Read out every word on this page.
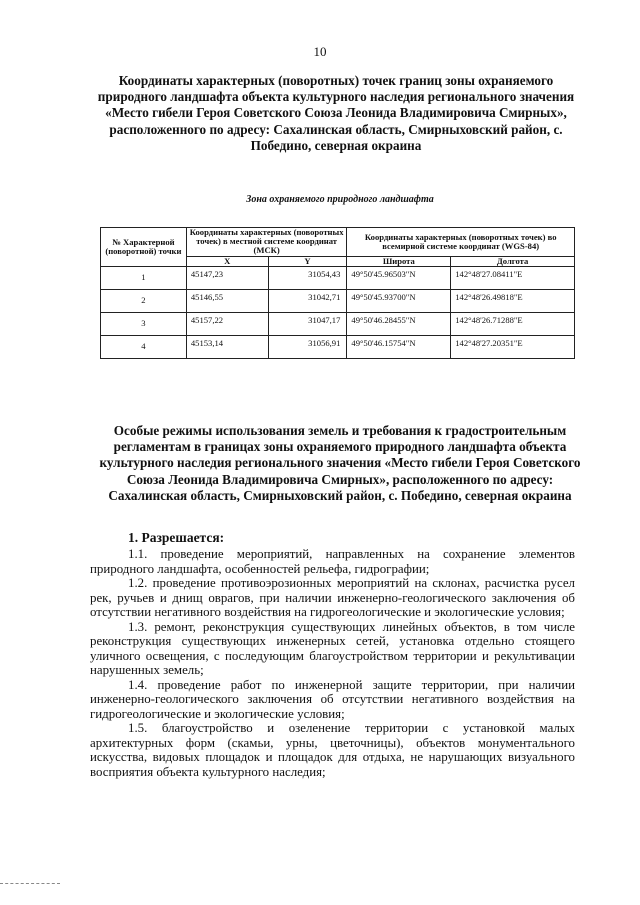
10
Координаты характерных (поворотных) точек границ зоны охраняемого природного ландшафта объекта культурного наследия регионального значения «Место гибели Героя Советского Союза Леонида Владимировича Смирных», расположенного по адресу: Сахалинская область, Смирныховский район, с. Победино, северная окраина
Зона охраняемого природного ландшафта
№ Характерной (поворотной) точки	Координаты характерных (поворотных точек) в местной системе координат (МСК)		Координаты характерных (поворотных точек) во всемирной системе координат (WGS-84)	
	X	Y	Широта	Долгота
1	45147,23	31054,43	49°50'45.96503"N	142°48'27.08411"E
2	45146,55	31042,71	49°50'45.93700"N	142°48'26.49818"E
3	45157,22	31047,17	49°50'46.28455"N	142°48'26.71288"E
4	45153,14	31056,91	49°50'46.15754"N	142°48'27.20351"E
Особые режимы использования земель и требования к градостроительным регламентам в границах зоны охраняемого природного ландшафта объекта культурного наследия регионального значения «Место гибели Героя Советского Союза Леонида Владимировича Смирных», расположенного по адресу: Сахалинская область, Смирныховский район, с. Победино, северная окраина
1. Разрешается:

1.1. проведение мероприятий, направленных на сохранение элементов природного ландшафта, особенностей рельефа, гидрографии;

1.2. проведение противоэрозионных мероприятий на склонах, расчистка русел рек, ручьев и днищ оврагов, при наличии инженерно-геологического заключения об отсутствии негативного воздействия на гидрогеологические и экологические условия;

1.3. ремонт, реконструкция существующих линейных объектов, в том числе реконструкция существующих инженерных сетей, установка отдельно стоящего уличного освещения, с последующим благоустройством территории и рекультивации нарушенных земель;

1.4. проведение работ по инженерной защите территории, при наличии инженерно-геологического заключения об отсутствии негативного воздействия на гидрогеологические и экологические условия;

1.5. благоустройство и озеленение территории с установкой малых архитектурных форм (скамьи, урны, цветочницы), объектов монументального искусства, видовых площадок и площадок для отдыха, не нарушающих визуального восприятия объекта культурного наследия;
